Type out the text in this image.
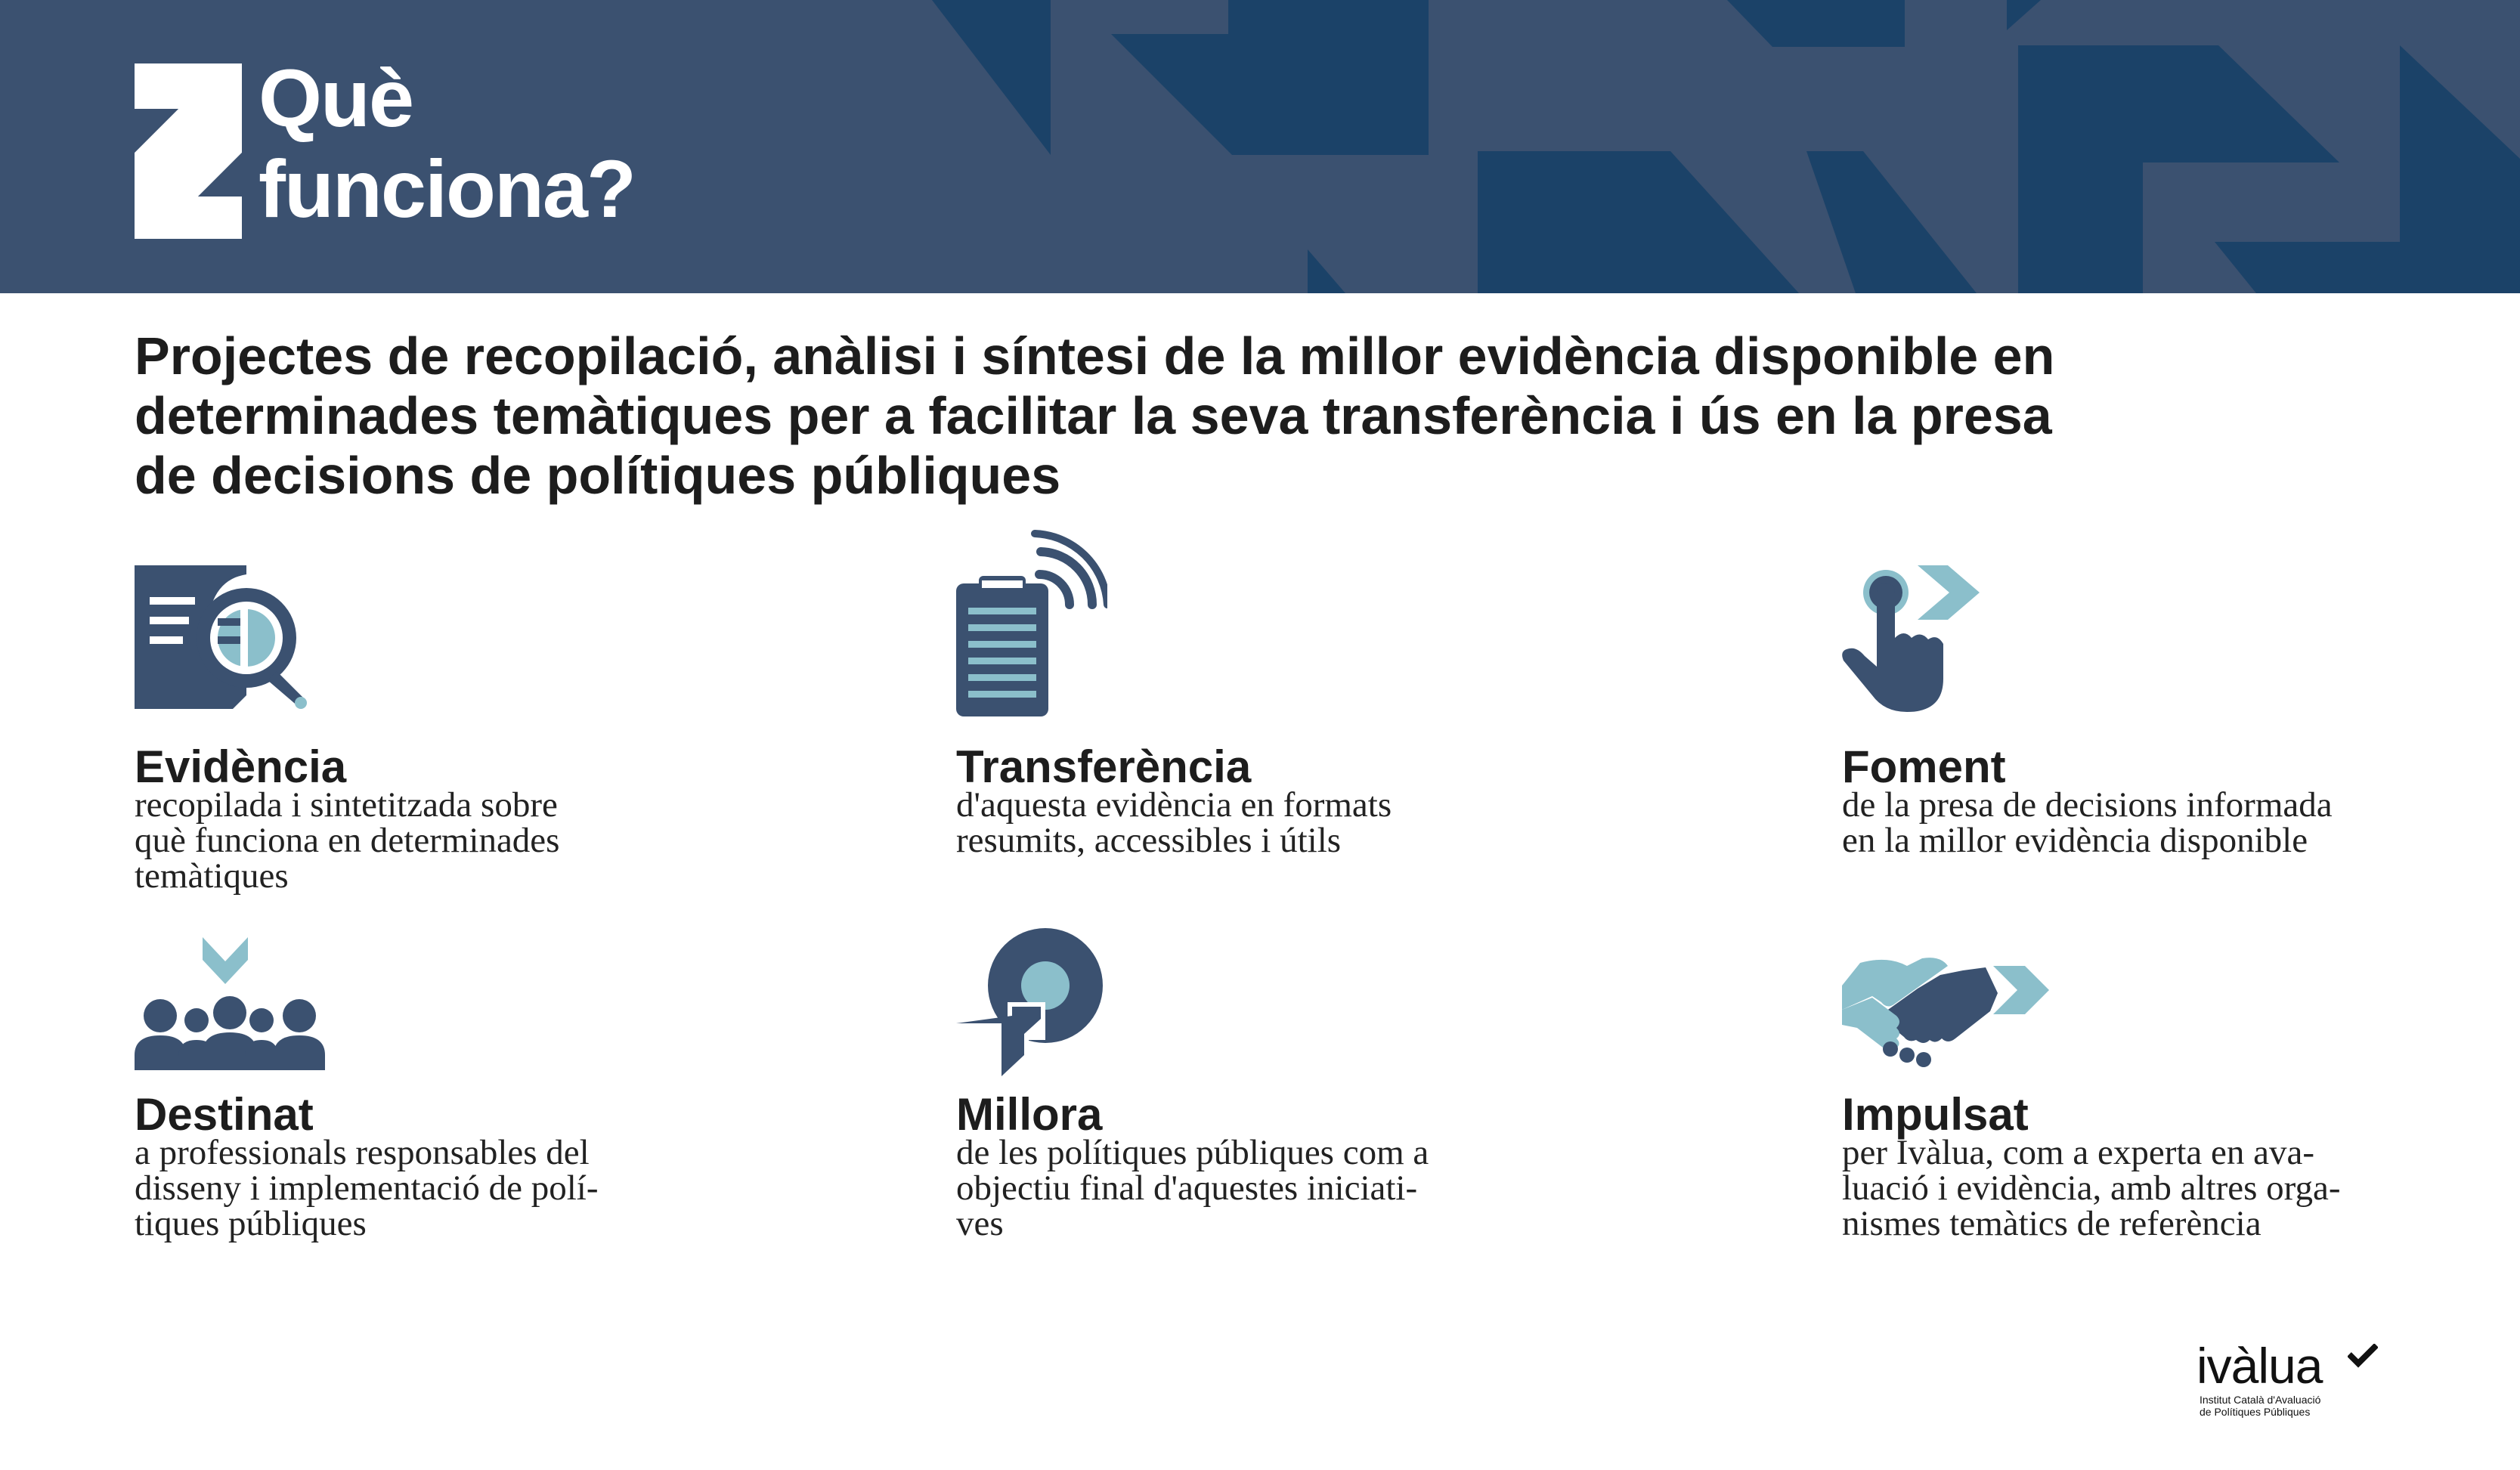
Què
funciona?

Projectes de recopilació, anàlisi i síntesi de la millor evidència disponible en
determinades temàtiques per a facilitar la seva transferència i ús en la presa
de decisions de polítiques públiques

Evidència

recopilada i sintetitzada sobre
què funciona en determinades
temàtiques

Transferència

d'aquesta evidència en formats
resumits, accessibles i útils

Foment

de la presa de decisions informada
en la millor evidència disponible

Destinat

a professionals responsables del
disseny i implementació de polí-
tiques públiques

Millora

de les polítiques públiques com a
objectiu final d'aquestes iniciati-
ves

Impulsat

per Ivàlua, com a experta en ava-
luació i evidència, amb altres orga-
nismes temàtics de referència

ivàlua

Institut Català d'Avaluació
de Polítiques Públiques
